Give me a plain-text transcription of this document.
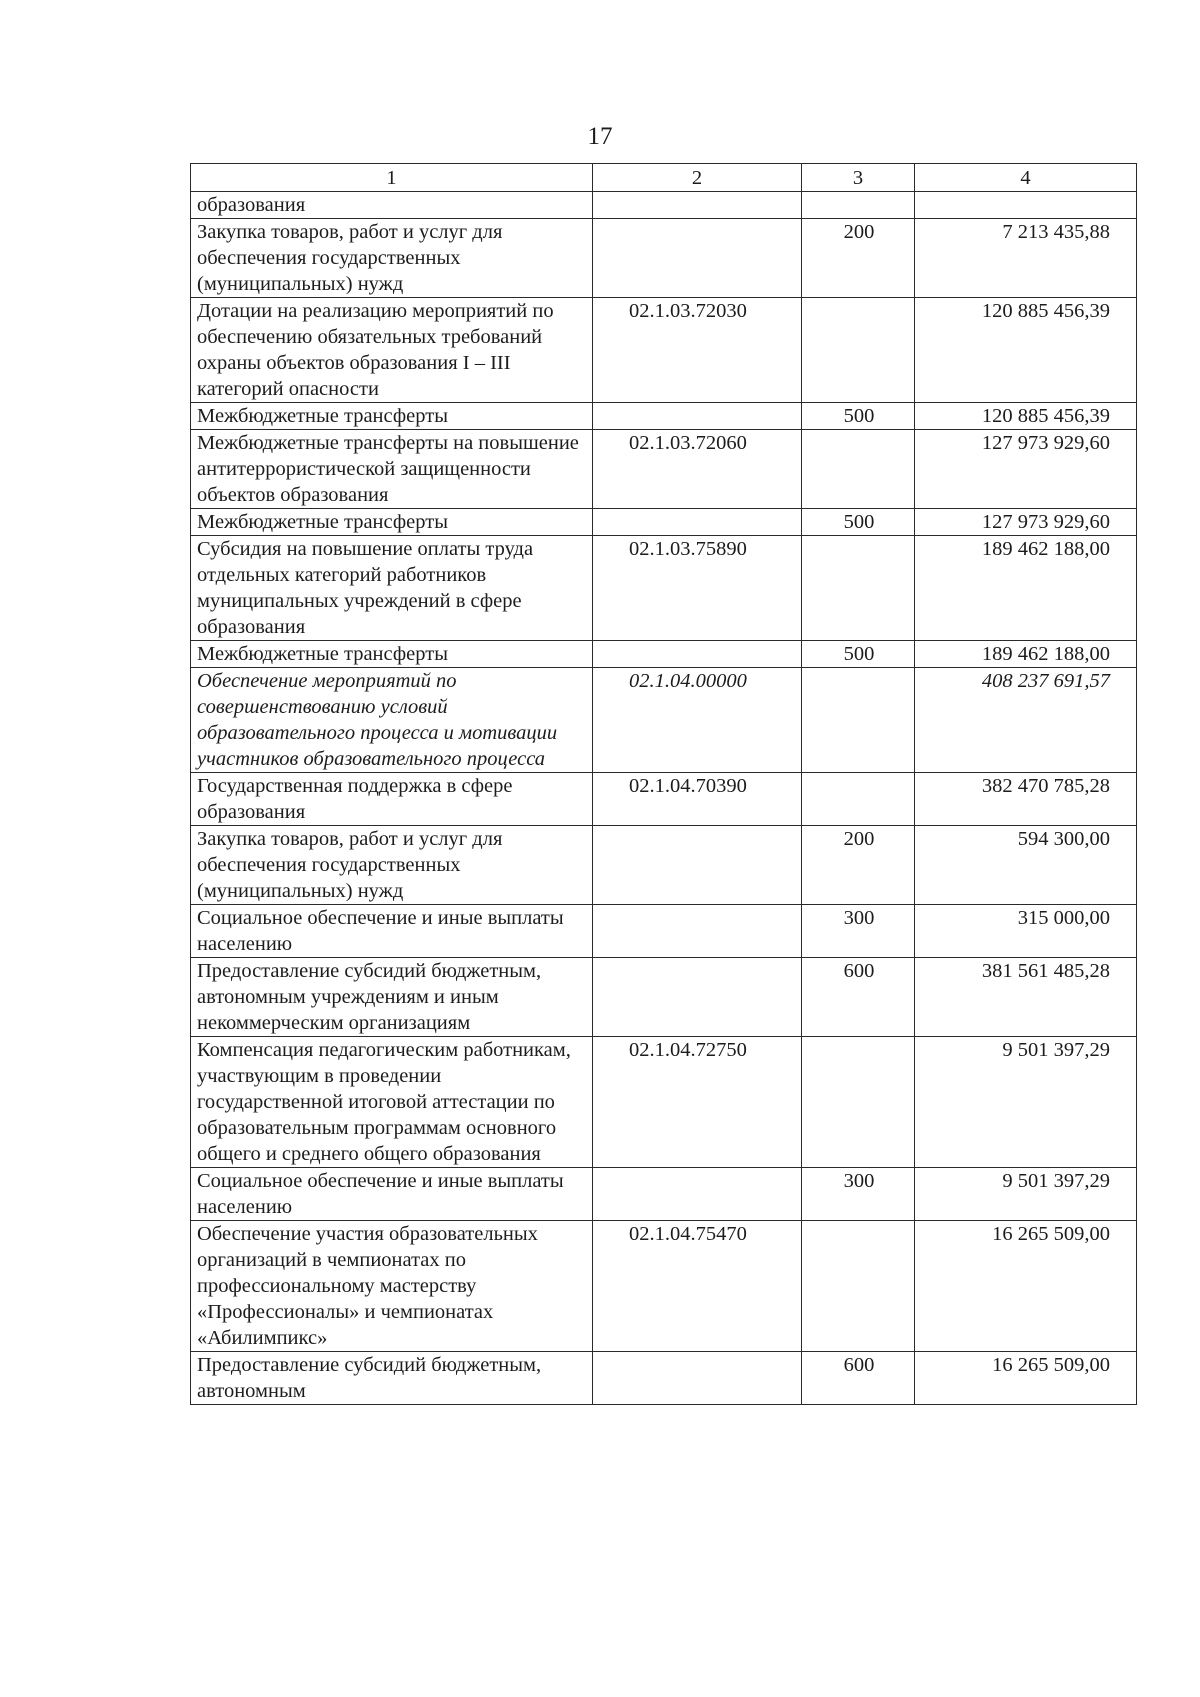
17
1	2	3	4
образования			
Закупка товаров, работ и услуг для обеспечения государственных (муниципальных) нужд		200	7 213 435,88
Дотации на реализацию мероприятий по обеспечению обязательных требований охраны объектов образования I – III категорий опасности	02.1.03.72030		120 885 456,39
Межбюджетные трансферты		500	120 885 456,39
Межбюджетные трансферты на повышение антитеррористической защищенности объектов образования	02.1.03.72060		127 973 929,60
Межбюджетные трансферты		500	127 973 929,60
Субсидия на повышение оплаты труда отдельных категорий работников муниципальных учреждений в сфере образования	02.1.03.75890		189 462 188,00
Межбюджетные трансферты		500	189 462 188,00
Обеспечение мероприятий по совершенствованию условий образовательного процесса и мотивации участников образовательного процесса	02.1.04.00000		408 237 691,57
Государственная поддержка в сфере образования	02.1.04.70390		382 470 785,28
Закупка товаров, работ и услуг для обеспечения государственных (муниципальных) нужд		200	594 300,00
Социальное обеспечение и иные выплаты населению		300	315 000,00
Предоставление субсидий бюджетным, автономным учреждениям и иным некоммерческим организациям		600	381 561 485,28
Компенсация педагогическим работникам, участвующим в проведении государственной итоговой аттестации по образовательным программам основного общего и среднего общего образования	02.1.04.72750		9 501 397,29
Социальное обеспечение и иные выплаты населению		300	9 501 397,29
Обеспечение участия образовательных организаций в чемпионатах по профессиональному мастерству «Профессионалы» и чемпионатах «Абилимпикс»	02.1.04.75470		16 265 509,00
Предоставление субсидий бюджетным, автономным		600	16 265 509,00
